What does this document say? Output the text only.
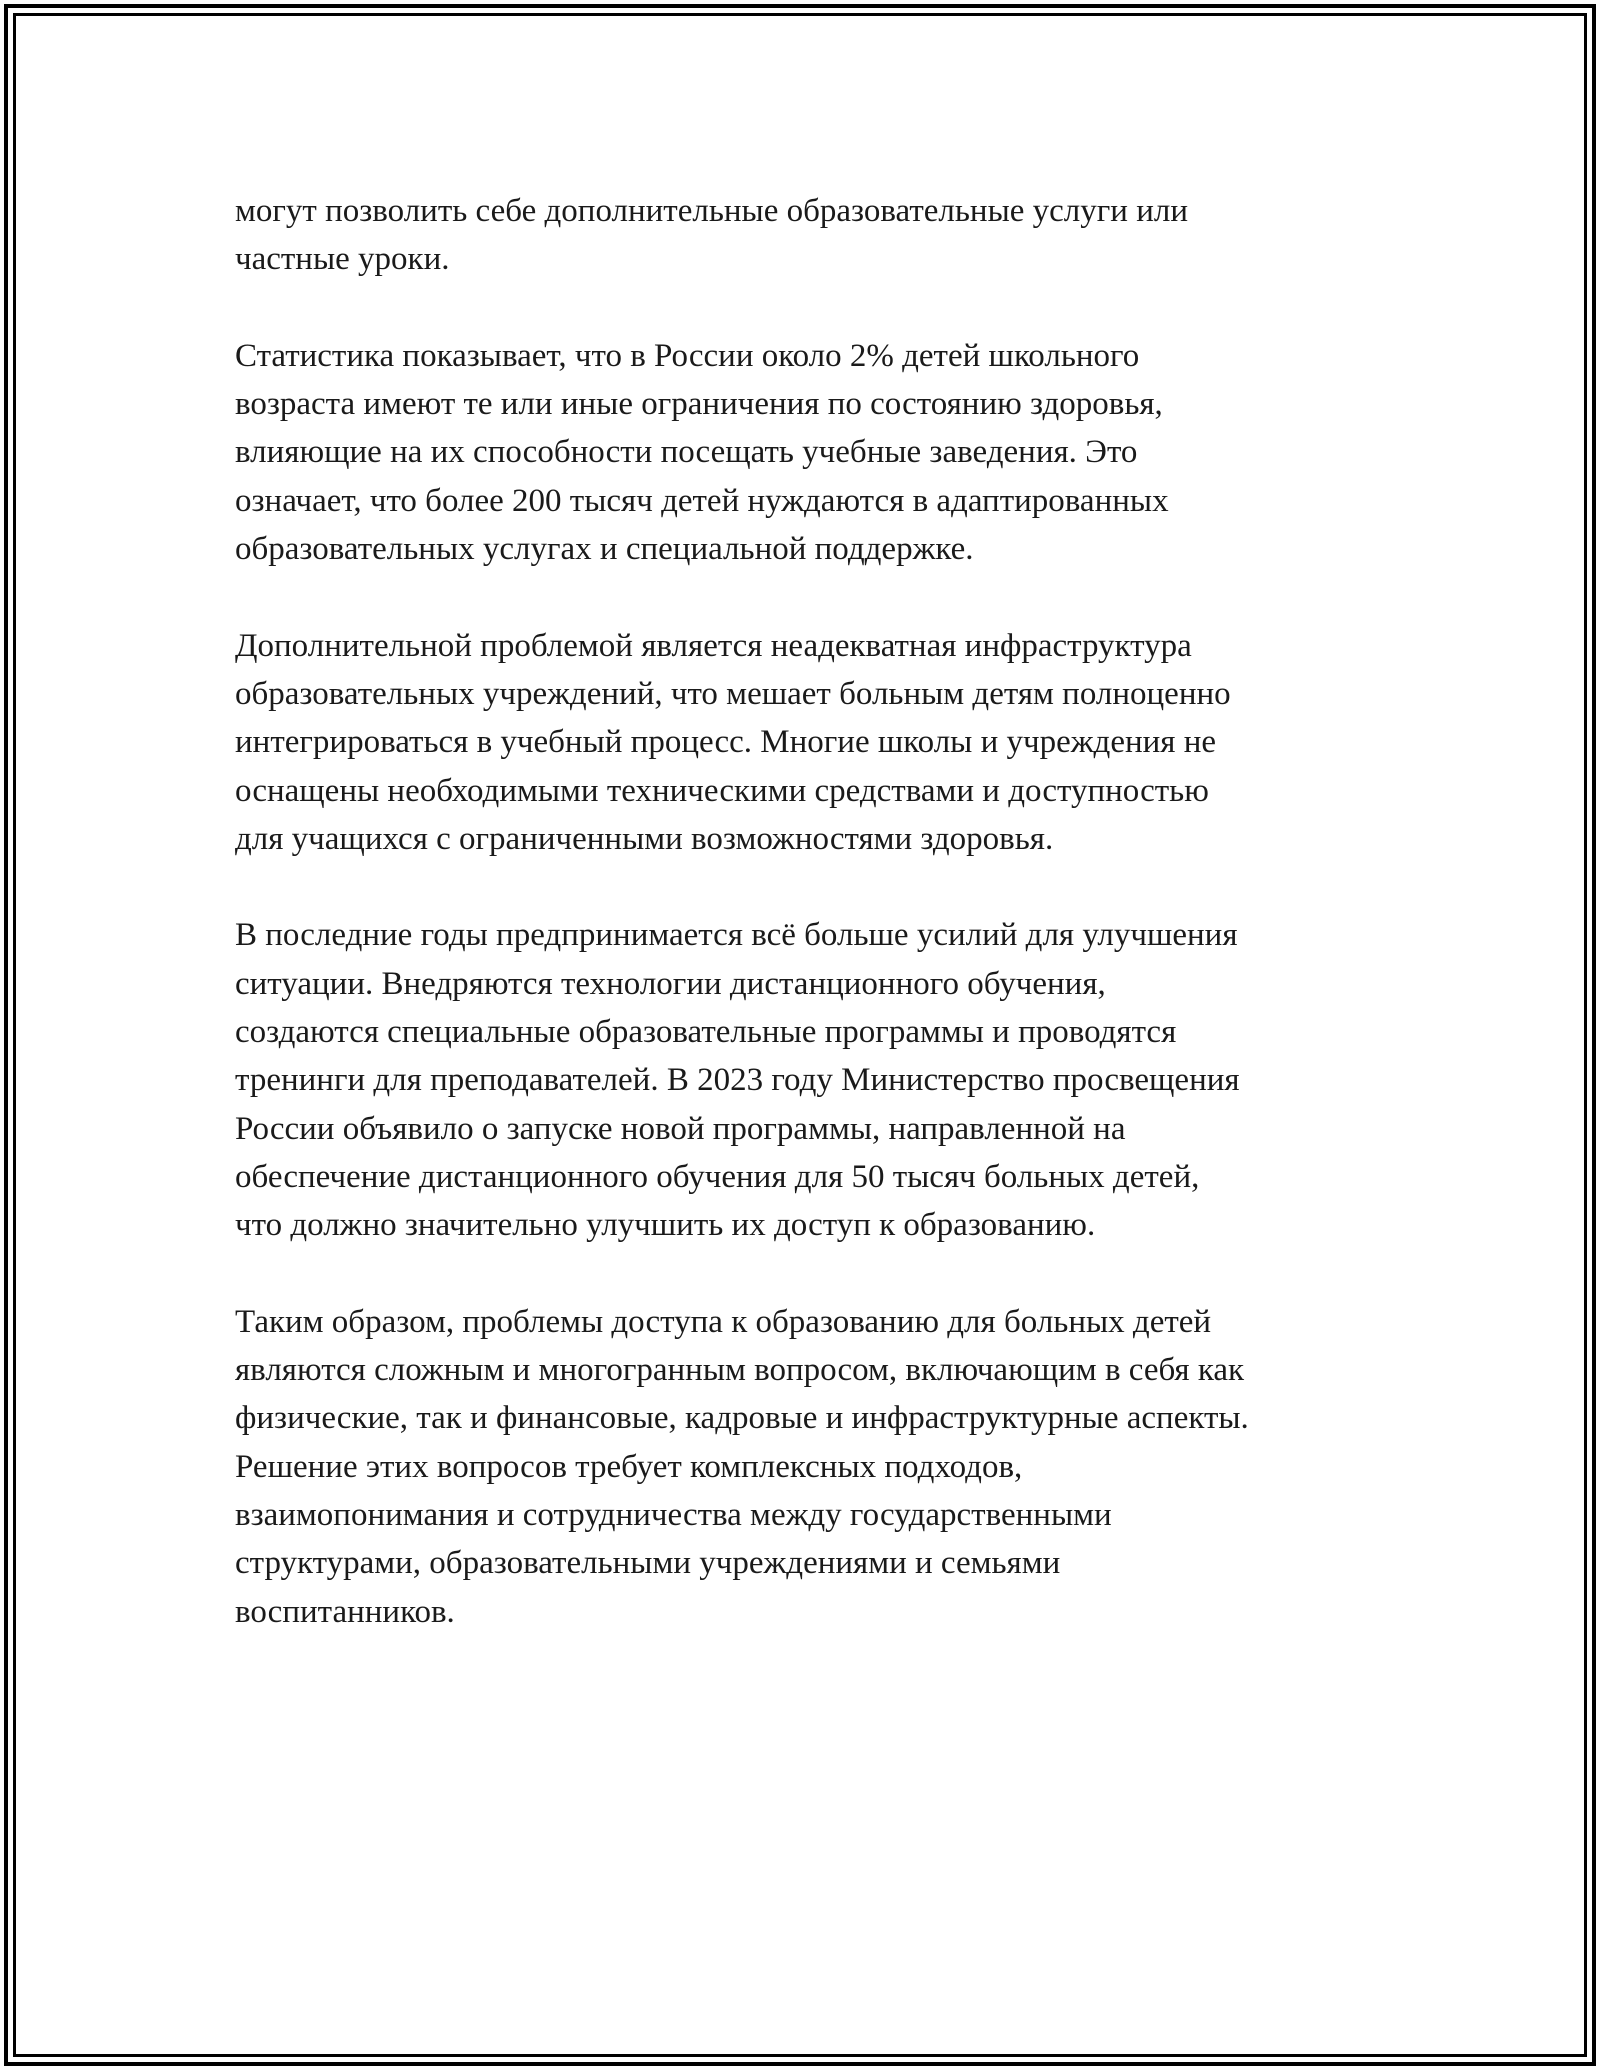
могут позволить себе дополнительные образовательные услуги или
частные уроки.

Статистика показывает, что в России около 2% детей школьного
возраста имеют те или иные ограничения по состоянию здоровья,
влияющие на их способности посещать учебные заведения. Это
означает, что более 200 тысяч детей нуждаются в адаптированных
образовательных услугах и специальной поддержке.

Дополнительной проблемой является неадекватная инфраструктура
образовательных учреждений, что мешает больным детям полноценно
интегрироваться в учебный процесс. Многие школы и учреждения не
оснащены необходимыми техническими средствами и доступностью
для учащихся с ограниченными возможностями здоровья.

В последние годы предпринимается всё больше усилий для улучшения
ситуации. Внедряются технологии дистанционного обучения,
создаются специальные образовательные программы и проводятся
тренинги для преподавателей. В 2023 году Министерство просвещения
России объявило о запуске новой программы, направленной на
обеспечение дистанционного обучения для 50 тысяч больных детей,
что должно значительно улучшить их доступ к образованию.

Таким образом, проблемы доступа к образованию для больных детей
являются сложным и многогранным вопросом, включающим в себя как
физические, так и финансовые, кадровые и инфраструктурные аспекты.
Решение этих вопросов требует комплексных подходов,
взаимопонимания и сотрудничества между государственными
структурами, образовательными учреждениями и семьями
воспитанников.
